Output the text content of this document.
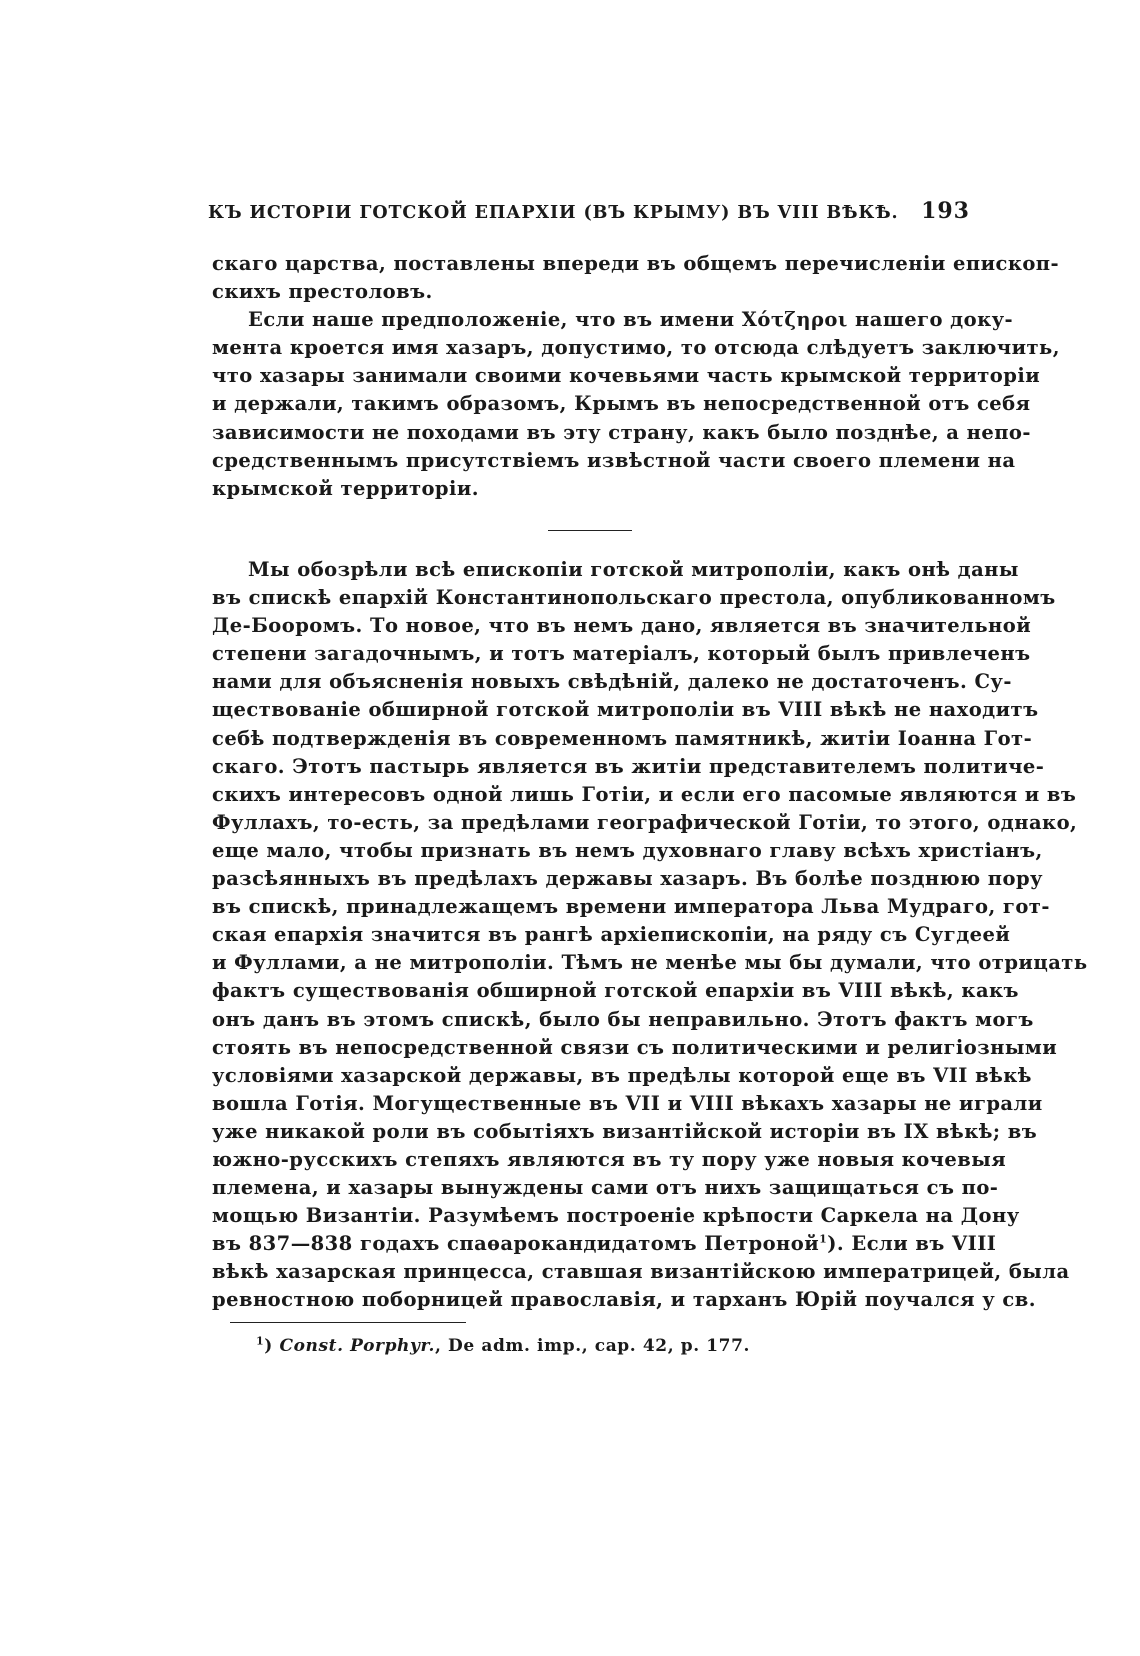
КЪ ИСТОРІИ ГОТСКОЙ ЕПАРХІИ (ВЪ КРЫМУ) ВЪ VIII ВѢКѢ. 193
скаго царства, поставлены впереди въ общемъ перечисленіи епископ-
скихъ престоловъ.
Если наше предположеніе, что въ имени Χότζηροι нашего доку-
мента кроется имя хазаръ, допустимо, то отсюда слѣдуетъ заключить,
что хазары занимали своими кочевьями часть крымской территоріи
и держали, такимъ образомъ, Крымъ въ непосредственной отъ себя
зависимости не походами въ эту страну, какъ было позднѣе, а непо-
средственнымъ присутствіемъ извѣстной части своего племени на
крымской территоріи.
Мы обозрѣли всѣ епископіи готской митрополіи, какъ онѣ даны
въ спискѣ епархій Константинопольскаго престола, опубликованномъ
Де-Бооромъ. То новое, что въ немъ дано, является въ значительной
степени загадочнымъ, и тотъ матеріалъ, который былъ привлеченъ
нами для объясненія новыхъ свѣдѣній, далеко не достаточенъ. Су-
ществованіе обширной готской митрополіи въ VIII вѣкѣ не находитъ
себѣ подтвержденія въ современномъ памятникѣ, житіи Іоанна Гот-
скаго. Этотъ пастырь является въ житіи представителемъ политиче-
скихъ интересовъ одной лишь Готіи, и если его пасомые являются и въ
Фуллахъ, то-есть, за предѣлами географической Готіи, то этого, однако,
еще мало, чтобы признать въ немъ духовнаго главу всѣхъ христіанъ,
разсѣянныхъ въ предѣлахъ державы хазаръ. Въ болѣе позднюю пору
въ спискѣ, принадлежащемъ времени императора Льва Мудраго, гот-
ская епархія значится въ рангѣ архіепископіи, на ряду съ Сугдеей
и Фуллами, а не митрополіи. Тѣмъ не менѣе мы бы думали, что отрицать
фактъ существованія обширной готской епархіи въ VIII вѣкѣ, какъ
онъ данъ въ этомъ спискѣ, было бы неправильно. Этотъ фактъ могъ
стоять въ непосредственной связи съ политическими и религіозными
условіями хазарской державы, въ предѣлы которой еще въ VII вѣкѣ
вошла Готія. Могущественные въ VII и VIII вѣкахъ хазары не играли
уже никакой роли въ событіяхъ византійской исторіи въ IX вѣкѣ; въ
южно-русскихъ степяхъ являются въ ту пору уже новыя кочевыя
племена, и хазары вынуждены сами отъ нихъ защищаться съ по-
мощью Византіи. Разумѣемъ построеніе крѣпости Саркела на Дону
въ 837—838 годахъ спаѳарокандидатомъ Петроной$^1$). Если въ VIII
вѣкѣ хазарская принцесса, ставшая византійскою императрицей, была
ревностною поборницей православія, и тарханъ Юрій поучался у св.
$^1$) Const. Porphyr., De adm. imp., cap. 42, p. 177.
